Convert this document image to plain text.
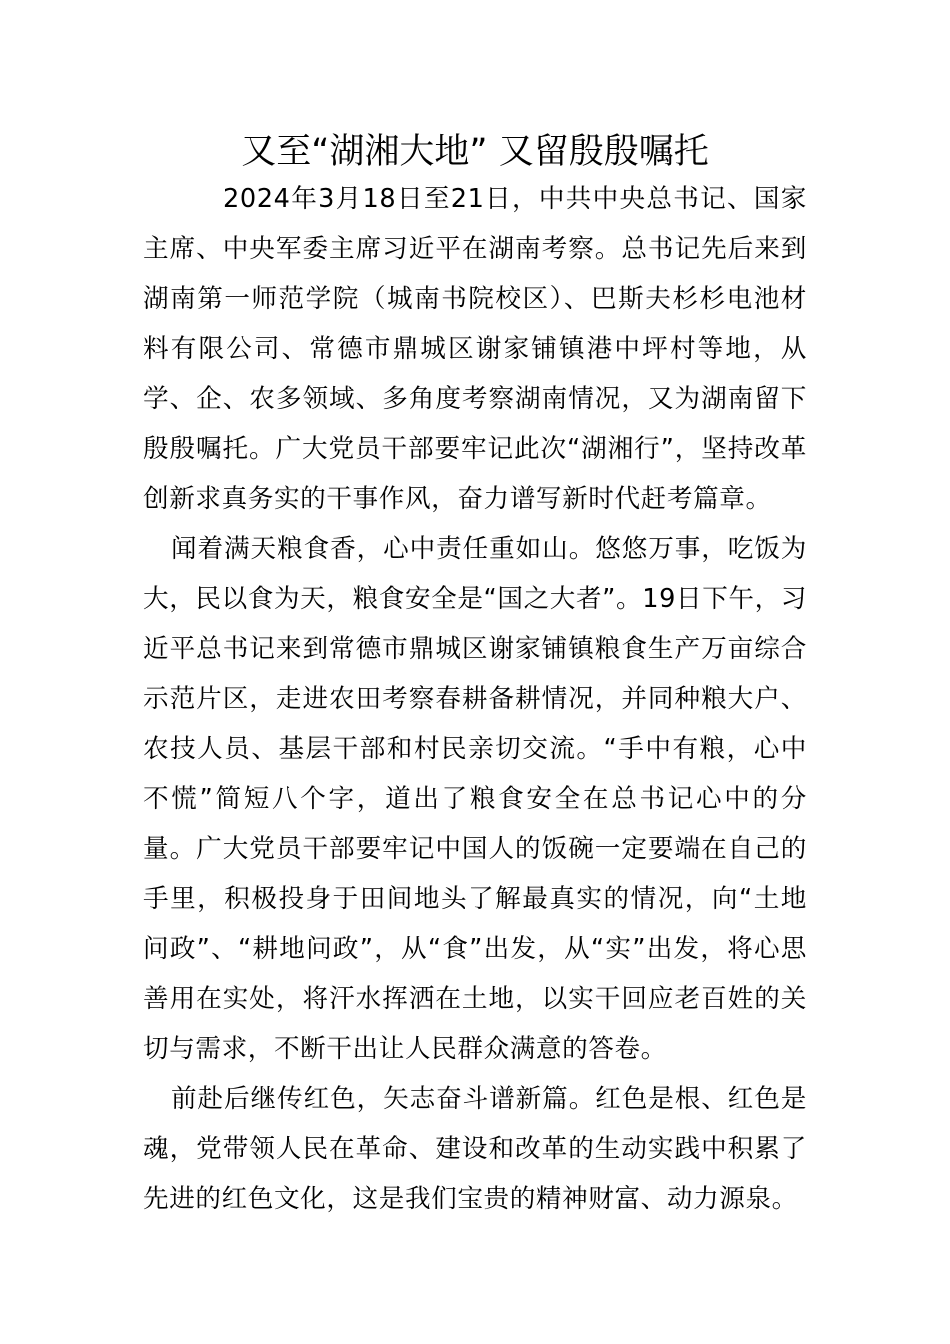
又至“湖湘大地” 又留殷殷嘱托

2024年3月18日至21日，中共中央总书记、国家主席、中央军委主席习近平在湖南考察。总书记先后来到湖南第一师范学院（城南书院校区）、巴斯夫杉杉电池材料有限公司、常德市鼎城区谢家铺镇港中坪村等地，从学、企、农多领域、多角度考察湖南情况，又为湖南留下殷殷嘱托。广大党员干部要牢记此次“湖湘行”，坚持改革创新求真务实的干事作风，奋力谱写新时代赶考篇章。

闻着满天粮食香，心中责任重如山。悠悠万事，吃饭为大，民以食为天，粮食安全是“国之大者”。19日下午，习近平总书记来到常德市鼎城区谢家铺镇粮食生产万亩综合示范片区，走进农田考察春耕备耕情况，并同种粮大户、农技人员、基层干部和村民亲切交流。“手中有粮，心中不慌”简短八个字，道出了粮食安全在总书记心中的分量。广大党员干部要牢记中国人的饭碗一定要端在自己的手里，积极投身于田间地头了解最真实的情况，向“土地问政”、“耕地问政”，从“食”出发，从“实”出发，将心思善用在实处，将汗水挥洒在土地，以实干回应老百姓的关切与需求，不断干出让人民群众满意的答卷。

前赴后继传红色，矢志奋斗谱新篇。红色是根、红色是魂，党带领人民在革命、建设和改革的生动实践中积累了先进的红色文化，这是我们宝贵的精神财富、动力源泉。
